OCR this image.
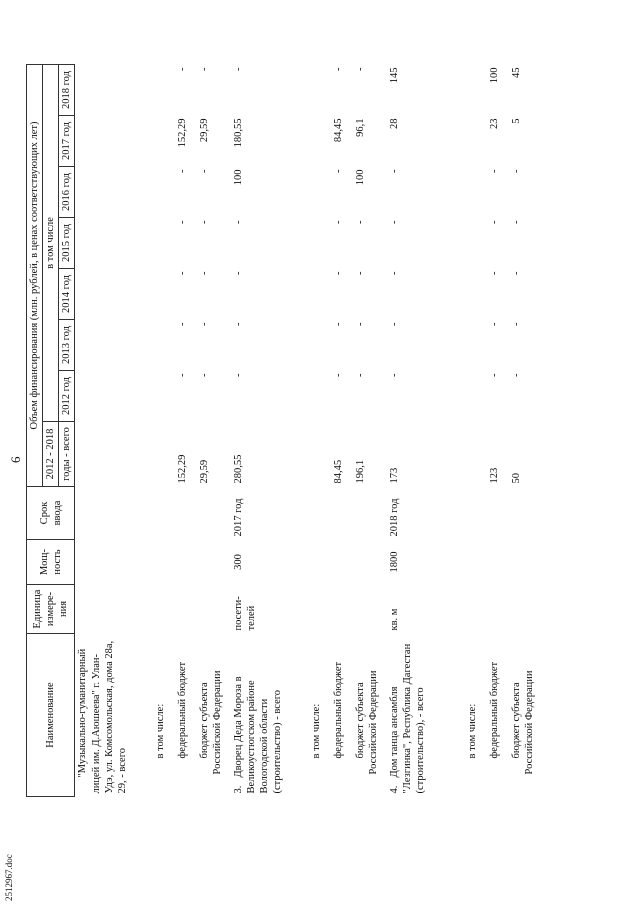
2512967.doc
6
Наименование	Единица измере-ния	Мощ-ность	Срок ввода	Объем финансирования (млн. рублей, в ценах соответствующих лет)							
				2012 - 2018	в том числе						
				годы - всего	2012 год	2013 год	2014 год	2015 год	2016 год	2017 год	2018 год

"Музыкально-гуманитарный лицей им. Д.Аюшеева" г. Улан-Удэ, ул. Комсомольская, дома 28а, 29, - всего											
в том числе:											
федеральный бюджет				152,29	-	-	-	-	-	152,29	-
бюджет субъекта Российской Федерации				29,59	-	-	-	-	-	29,59	-
3.Дворец Деда Мороза в Великоустюгском районе Вологодской области (строительство) - всего	посети-телей	300	2017 год	280,55	-	-	-	-	100	180,55	-
в том числе:											
федеральный бюджет				84,45	-	-	-	-	-	84,45	-
бюджет субъекта Российской Федерации				196,1	-	-	-	-	100	96,1	-
4.Дом танца ансамбля "Лезгинка", Республика Дагестан (строительство), - всего	кв. м	1800	2018 год	173	-	-	-	-	-	28	145
в том числе:											
федеральный бюджет				123	-	-	-	-	-	23	100
бюджет субъекта Российской Федерации				50	-	-	-	-	-	5	45
